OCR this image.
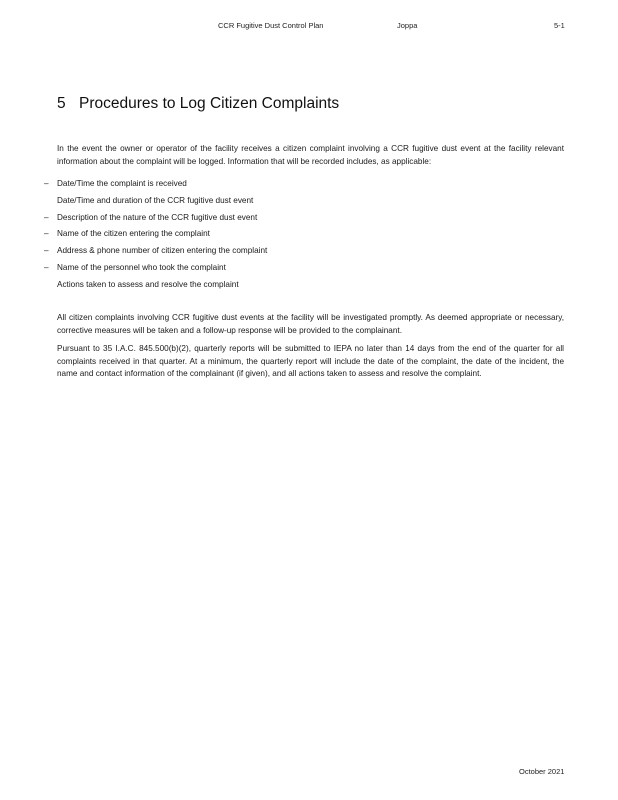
CCR Fugitive Dust Control Plan	Joppa	5-1
5 Procedures to Log Citizen Complaints

In the event the owner or operator of the facility receives a citizen complaint involving a CCR fugitive dust event at the facility relevant information about the complaint will be logged. Information that will be recorded includes, as applicable:

– Date/Time the complaint is received
Date/Time and duration of the CCR fugitive dust event
– Description of the nature of the CCR fugitive dust event
– Name of the citizen entering the complaint
– Address & phone number of citizen entering the complaint
– Name of the personnel who took the complaint
Actions taken to assess and resolve the complaint

All citizen complaints involving CCR fugitive dust events at the facility will be investigated promptly. As deemed appropriate or necessary, corrective measures will be taken and a follow-up response will be provided to the complainant.

Pursuant to 35 I.A.C. 845.500(b)(2), quarterly reports will be submitted to IEPA no later than 14 days from the end of the quarter for all complaints received in that quarter. At a minimum, the quarterly report will include the date of the complaint, the date of the incident, the name and contact information of the complainant (if given), and all actions taken to assess and resolve the complaint.

October 2021
